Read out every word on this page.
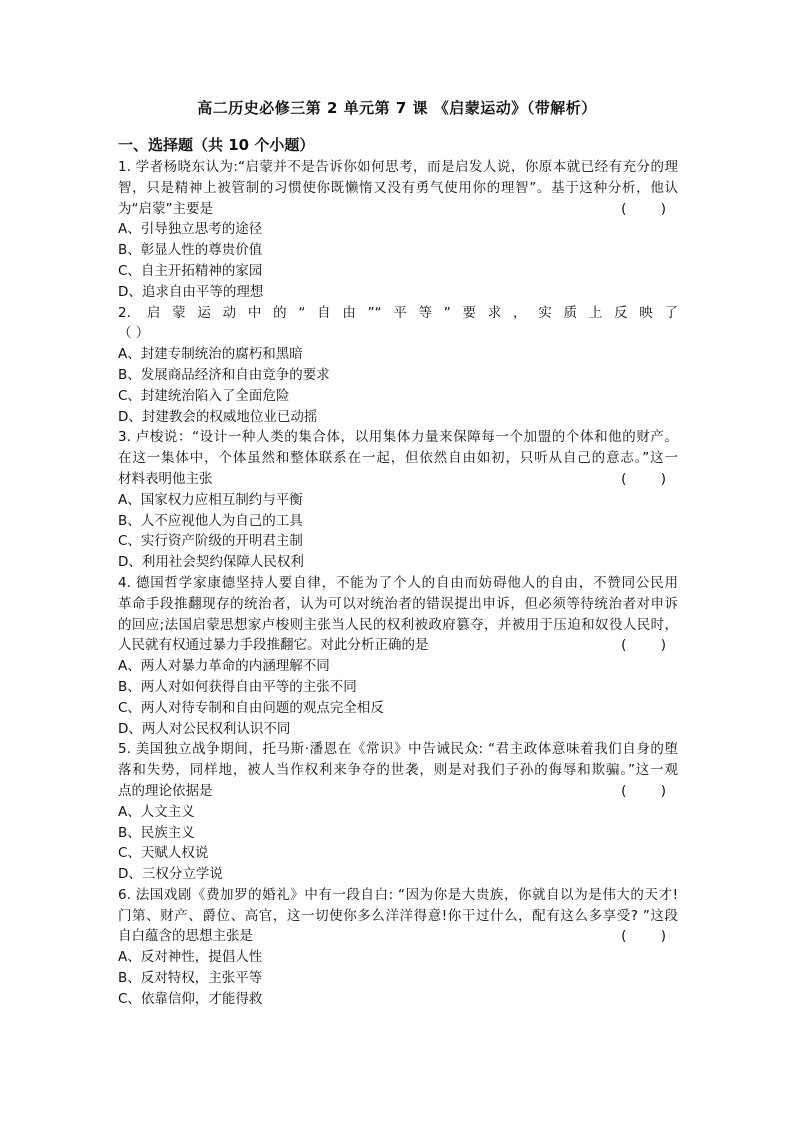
高二历史必修三第 2 单元第 7 课 《启蒙运动》（带解析）
一、选择题（共 10 个小题）

1. 学者杨晓东认为:“启蒙并不是告诉你如何思考，而是启发人说，你原本就已经有充分的理

智，只是精神上被管制的习惯使你既懒惰又没有勇气使用你的理智”。基于这种分析，他认

为“启蒙”主要是	(        )

A、引导独立思考的途径

B、彰显人性的尊贵价值

C、自主开拓精神的家园

D、追求自由平等的理想

2. 启蒙运动中的“自由”“平等”要求，实质上反映了

（ ）

A、封建专制统治的腐朽和黑暗

B、发展商品经济和自由竞争的要求

C、封建统治陷入了全面危险

D、封建教会的权威地位业已动摇

3. 卢梭说：“设计一种人类的集合体，以用集体力量来保障每一个加盟的个体和他的财产。

在这一集体中，个体虽然和整体联系在一起，但依然自由如初，只听从自己的意志。”这一

材料表明他主张	(        )

A、国家权力应相互制约与平衡

B、人不应视他人为自己的工具

C、实行资产阶级的开明君主制

D、利用社会契约保障人民权利

4. 德国哲学家康德坚持人要自律，不能为了个人的自由而妨碍他人的自由，不赞同公民用

革命手段推翻现存的统治者，认为可以对统治者的错误提出申诉，但必须等待统治者对申诉

的回应;法国启蒙思想家卢梭则主张当人民的权利被政府篡夺，并被用于压迫和奴役人民时，

人民就有权通过暴力手段推翻它。对此分析正确的是	(        )

A、两人对暴力革命的内涵理解不同

B、两人对如何获得自由平等的主张不同

C、两人对待专制和自由问题的观点完全相反

D、两人对公民权利认识不同

5. 美国独立战争期间，托马斯·潘恩在《常识》中告诫民众: “君主政体意味着我们自身的堕

落和失势，同样地，被人当作权利来争夺的世袭，则是对我们子孙的侮辱和欺骗。”这一观

点的理论依据是	(        )

A、人文主义

B、民族主义

C、天赋人权说

D、三权分立学说

6. 法国戏剧《费加罗的婚礼》中有一段自白: “因为你是大贵族，你就自以为是伟大的天才!

门第、财产、爵位、高官，这一切使你多么洋洋得意!你干过什么，配有这么多享受? ”这段

自白蕴含的思想主张是	(        )

A、反对神性，提倡人性

B、反对特权，主张平等

C、依靠信仰，才能得救
